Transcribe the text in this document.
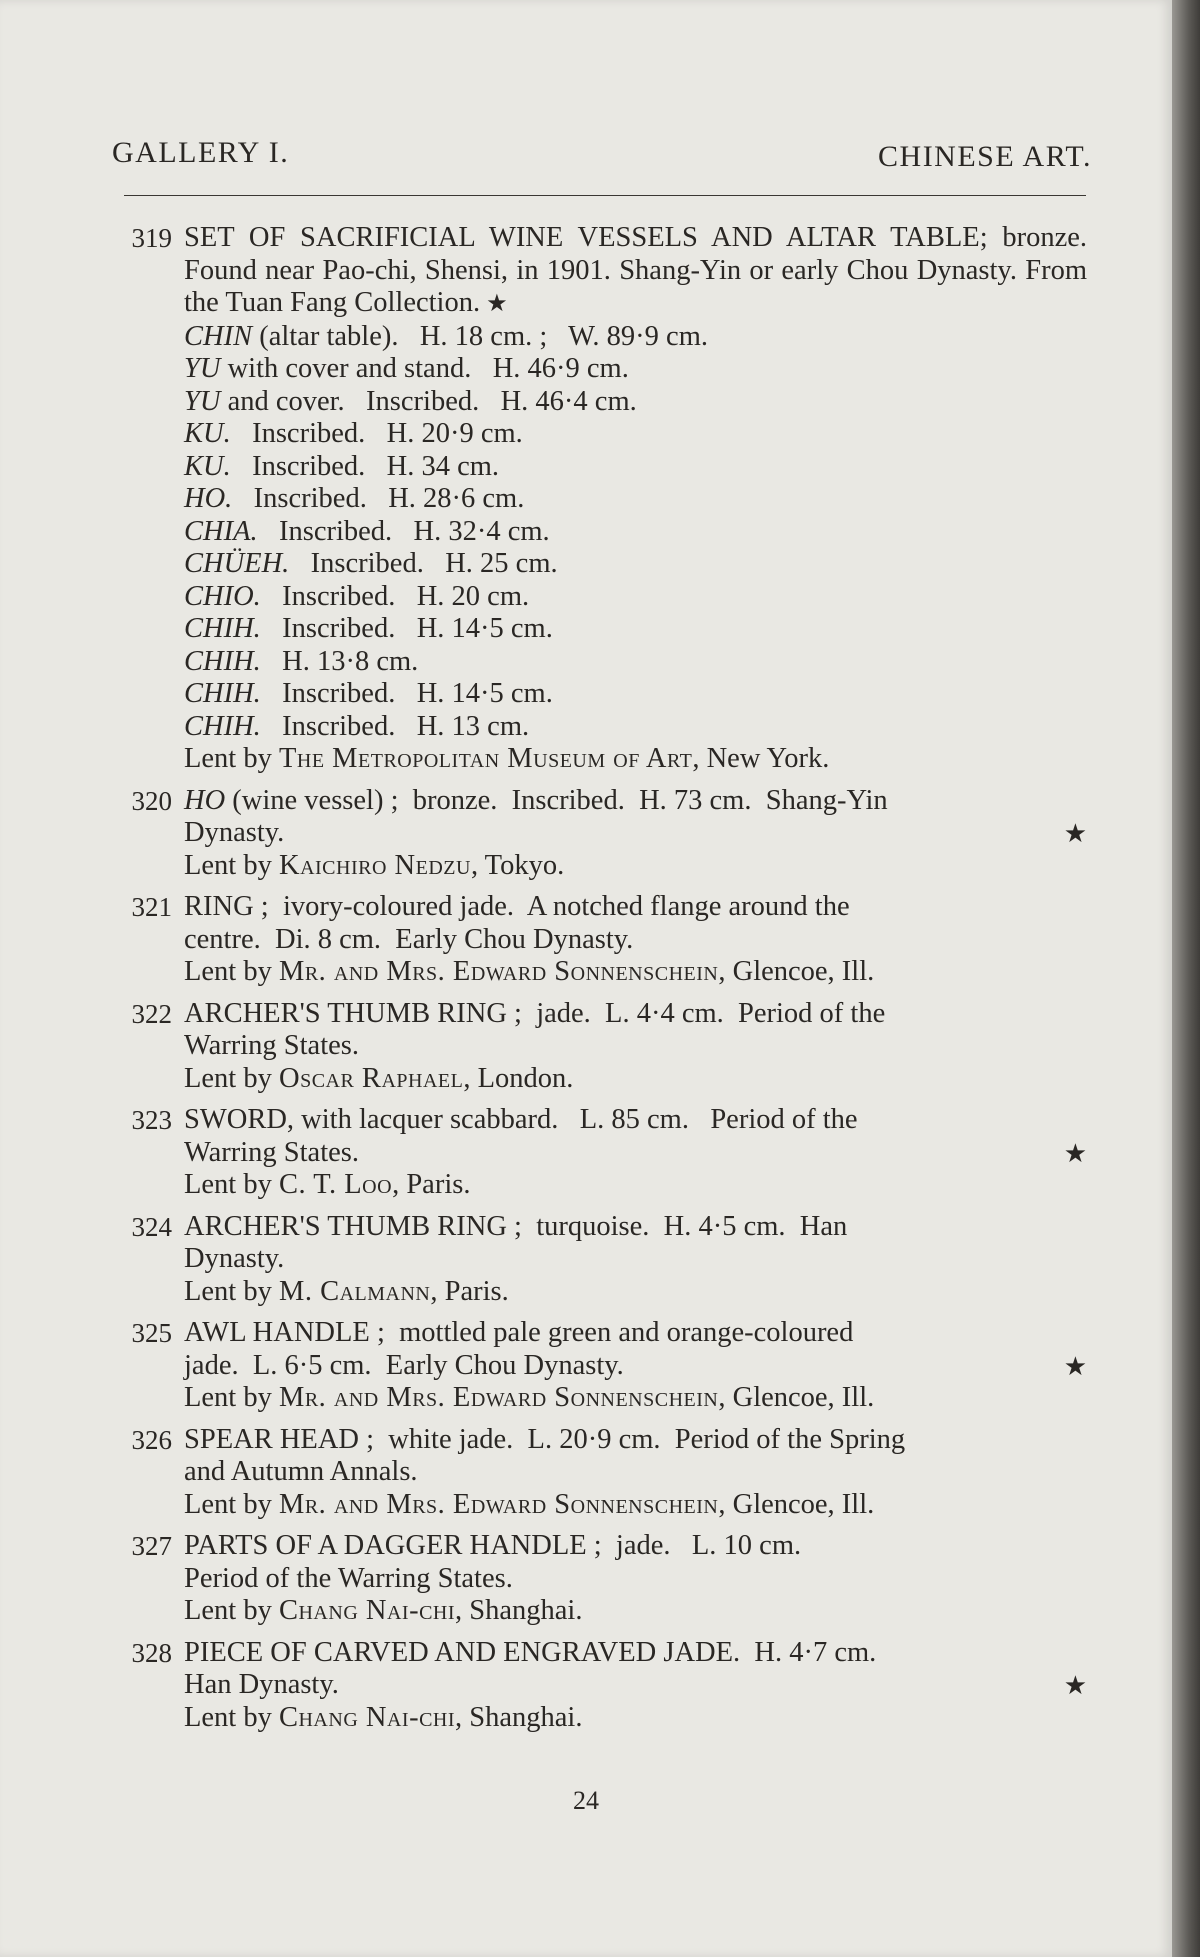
GALLERY I.	CHINESE ART.
319 SET OF SACRIFICIAL WINE VESSELS AND ALTAR TABLE; bronze. Found near Pao-chi, Shensi, in 1901. Shang-Yin or early Chou Dynasty. From the Tuan Fang Collection. ★
CHIN (altar table).   H. 18 cm. ;   W. 89·9 cm.
YU with cover and stand.   H. 46·9 cm.
YU and cover.   Inscribed.   H. 46·4 cm.
KU.   Inscribed.   H. 20·9 cm.
KU.   Inscribed.   H. 34 cm.
HO.   Inscribed.   H. 28·6 cm.
CHIA.   Inscribed.   H. 32·4 cm.
CHÜEH.   Inscribed.   H. 25 cm.
CHIO.   Inscribed.   H. 20 cm.
CHIH.   Inscribed.   H. 14·5 cm.
CHIH.   H. 13·8 cm.
CHIH.   Inscribed.   H. 14·5 cm.
CHIH.   Inscribed.   H. 13 cm.
Lent by The Metropolitan Museum of Art, New York.
320 HO (wine vessel) ;  bronze.  Inscribed.  H. 73 cm.  Shang-Yin
Dynasty.	★
Lent by Kaichiro Nedzu, Tokyo.
321 RING ;  ivory-coloured jade.  A notched flange around the
centre.  Di. 8 cm.  Early Chou Dynasty.
Lent by Mr. and Mrs. Edward Sonnenschein, Glencoe, Ill.
322 ARCHER'S THUMB RING ;  jade.  L. 4·4 cm.  Period of the
Warring States.
Lent by Oscar Raphael, London.
323 SWORD, with lacquer scabbard.   L. 85 cm.   Period of the
Warring States.	★
Lent by C. T. Loo, Paris.
324 ARCHER'S THUMB RING ;  turquoise.  H. 4·5 cm.  Han
Dynasty.
Lent by M. Calmann, Paris.
325 AWL HANDLE ;  mottled pale green and orange-coloured
jade.  L. 6·5 cm.  Early Chou Dynasty.	★
Lent by Mr. and Mrs. Edward Sonnenschein, Glencoe, Ill.
326 SPEAR HEAD ;  white jade.  L. 20·9 cm.  Period of the Spring
and Autumn Annals.
Lent by Mr. and Mrs. Edward Sonnenschein, Glencoe, Ill.
327 PARTS OF A DAGGER HANDLE ;  jade.   L. 10 cm.
Period of the Warring States.
Lent by Chang Nai-chi, Shanghai.
328 PIECE OF CARVED AND ENGRAVED JADE.  H. 4·7 cm.
Han Dynasty.	★
Lent by Chang Nai-chi, Shanghai.
24
